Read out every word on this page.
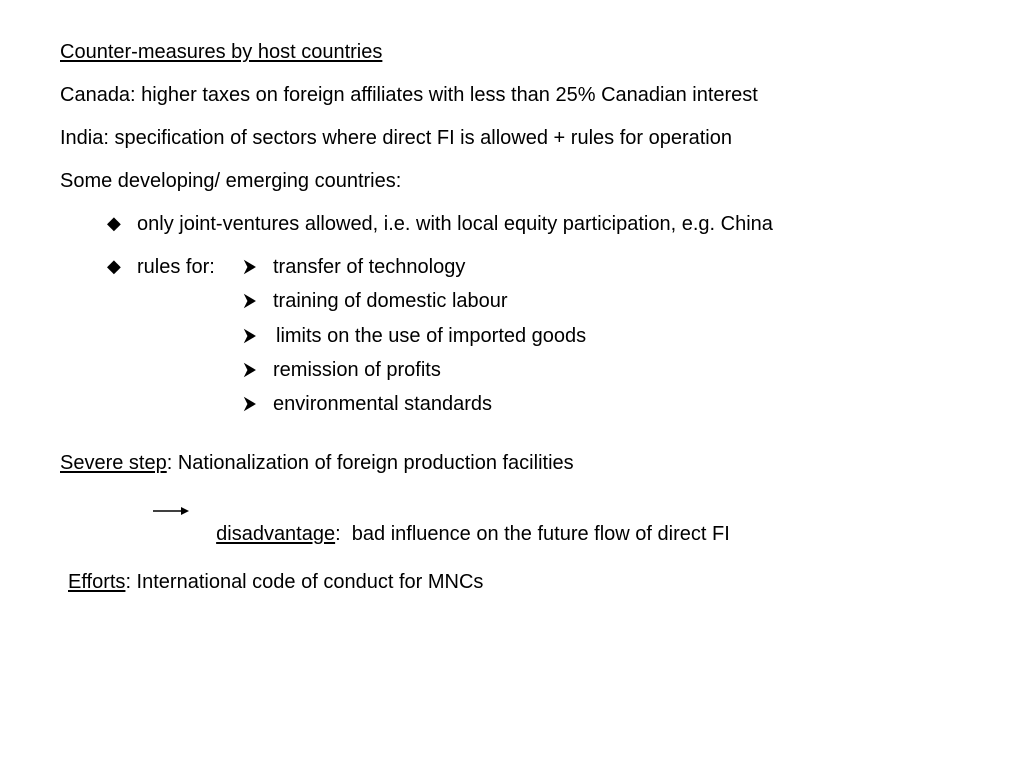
Counter-measures by host countries
Canada: higher taxes on foreign affiliates with less than 25% Canadian interest
India: specification of sectors where direct FI is allowed + rules for operation
Some developing/ emerging countries:
◆ only joint-ventures allowed, i.e. with local equity participation, e.g. China
◆ rules for:	transfer of technology
training of domestic labour
limits on the use of imported goods
remission of profits
environmental standards
Severe step: Nationalization of foreign production facilities

disadvantage:  bad influence on the future flow of direct FI

Efforts: International code of conduct for MNCs
